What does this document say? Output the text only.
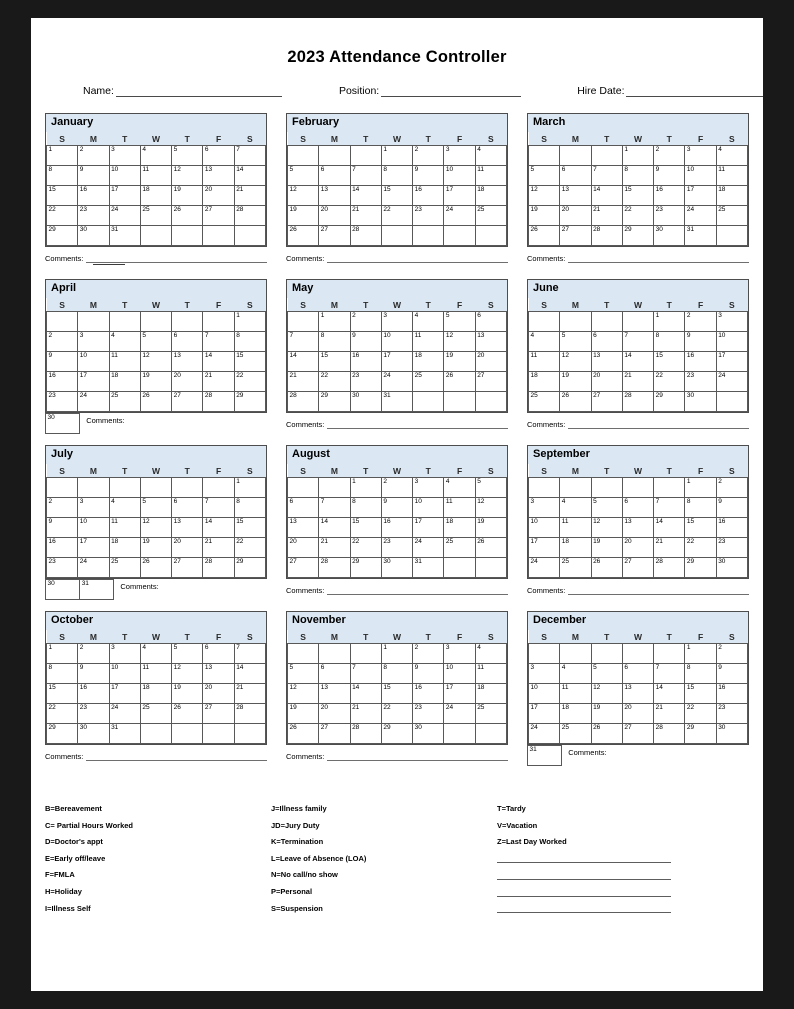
2023 Attendance Controller
Name:	Position:	Hire Date:
January
S	M	T	W	T	F	S
1	2	3	4	5	6	7
8	9	10	11	12	13	14
15	16	17	18	19	20	21
22	23	24	25	26	27	28
29	30	31				
Comments:
February
S	M	T	W	T	F	S
			1	2	3	4
5	6	7	8	9	10	11
12	13	14	15	16	17	18
19	20	21	22	23	24	25
26	27	28				
Comments:
March
S	M	T	W	T	F	S
			1	2	3	4
5	6	7	8	9	10	11
12	13	14	15	16	17	18
19	20	21	22	23	24	25
26	27	28	29	30	31	
Comments:
April
S	M	T	W	T	F	S
						1
2	3	4	5	6	7	8
9	10	11	12	13	14	15
16	17	18	19	20	21	22
23	24	25	26	27	28	29
30	Comments:
May
S	M	T	W	T	F	S
	1	2	3	4	5	6
7	8	9	10	11	12	13
14	15	16	17	18	19	20
21	22	23	24	25	26	27
28	29	30	31			
Comments:
June
S	M	T	W	T	F	S
				1	2	3
4	5	6	7	8	9	10
11	12	13	14	15	16	17
18	19	20	21	22	23	24
25	26	27	28	29	30	
Comments:
July
S	M	T	W	T	F	S
						1
2	3	4	5	6	7	8
9	10	11	12	13	14	15
16	17	18	19	20	21	22
23	24	25	26	27	28	29
30	31	Comments:
August
S	M	T	W	T	F	S
		1	2	3	4	5
6	7	8	9	10	11	12
13	14	15	16	17	18	19
20	21	22	23	24	25	26
27	28	29	30	31		
Comments:
September
S	M	T	W	T	F	S
					1	2
3	4	5	6	7	8	9
10	11	12	13	14	15	16
17	18	19	20	21	22	23
24	25	26	27	28	29	30
Comments:
October
S	M	T	W	T	F	S
1	2	3	4	5	6	7
8	9	10	11	12	13	14
15	16	17	18	19	20	21
22	23	24	25	26	27	28
29	30	31				
Comments:
November
S	M	T	W	T	F	S
			1	2	3	4
5	6	7	8	9	10	11
12	13	14	15	16	17	18
19	20	21	22	23	24	25
26	27	28	29	30		
Comments:
December
S	M	T	W	T	F	S
					1	2
3	4	5	6	7	8	9
10	11	12	13	14	15	16
17	18	19	20	21	22	23
24	25	26	27	28	29	30
31	Comments:
B=Bereavement
C= Partial Hours Worked
D=Doctor's appt
E=Early off/leave
F=FMLA
H=Holiday
I=Illness Self
J=Illness family
JD=Jury Duty
K=Termination
L=Leave of Absence (LOA)
N=No call/no show
P=Personal
S=Suspension
T=Tardy
V=Vacation
Z=Last Day Worked
